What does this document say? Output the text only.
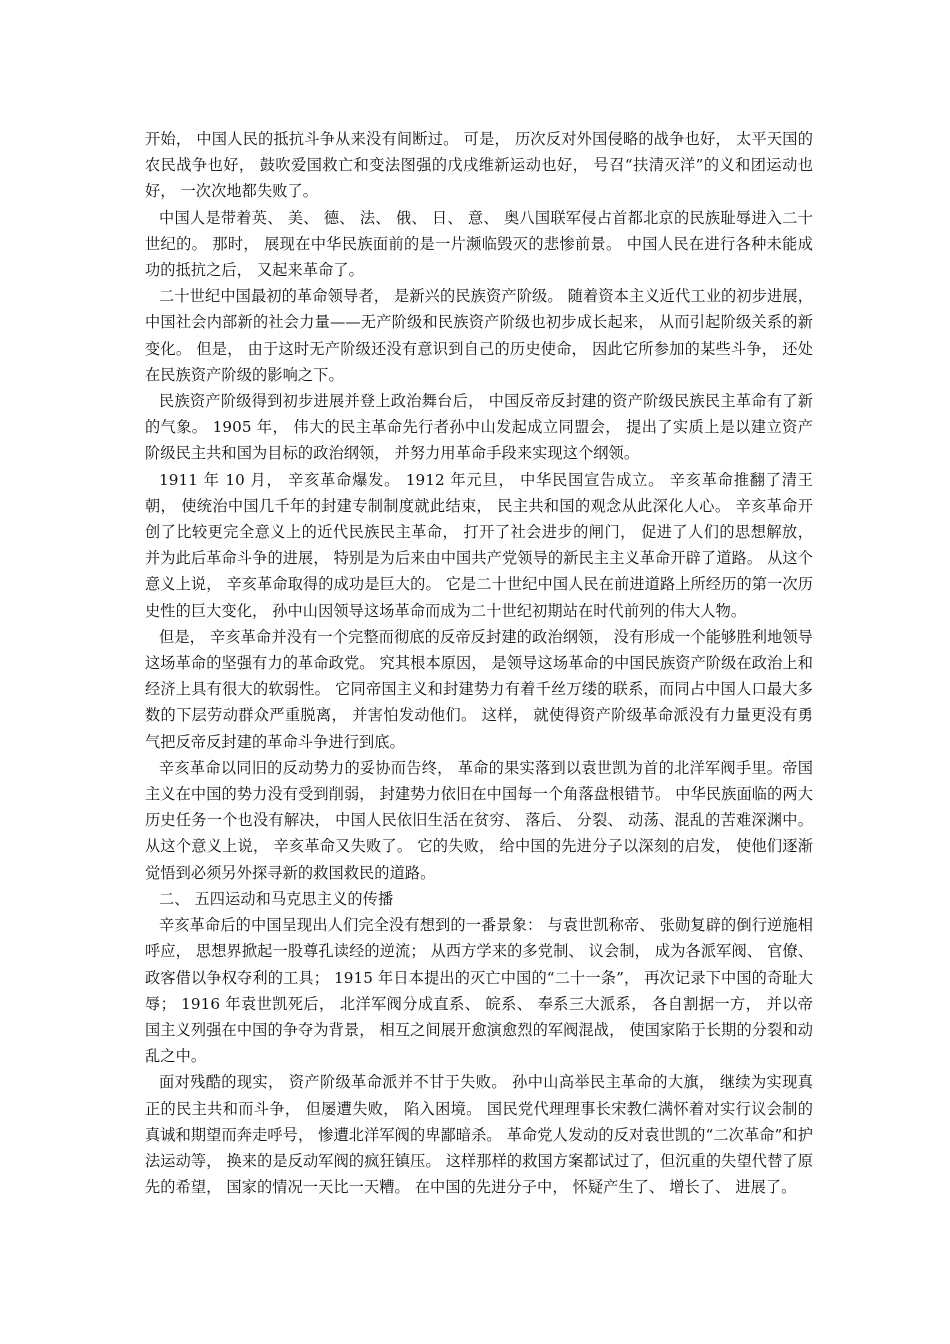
开始， 中国人民的抵抗斗争从来没有间断过。 可是， 历次反对外国侵略的战争也好， 太平天国的农民战争也好， 鼓吹爱国救亡和变法图强的戊戌维新运动也好， 号召“扶清灭洋”的义和团运动也好， 一次次地都失败了。

中国人是带着英、 美、 德、 法、 俄、 日、 意、 奥八国联军侵占首都北京的民族耻辱进入二十世纪的。 那时， 展现在中华民族面前的是一片濒临毁灭的悲惨前景。 中国人民在进行各种未能成功的抵抗之后， 又起来革命了。

二十世纪中国最初的革命领导者， 是新兴的民族资产阶级。 随着资本主义近代工业的初步进展， 中国社会内部新的社会力量——无产阶级和民族资产阶级也初步成长起来， 从而引起阶级关系的新变化。 但是， 由于这时无产阶级还没有意识到自己的历史使命， 因此它所参加的某些斗争， 还处在民族资产阶级的影响之下。

民族资产阶级得到初步进展并登上政治舞台后， 中国反帝反封建的资产阶级民族民主革命有了新的气象。 1905 年， 伟大的民主革命先行者孙中山发起成立同盟会， 提出了实质上是以建立资产阶级民主共和国为目标的政治纲领， 并努力用革命手段来实现这个纲领。

1911 年 10 月， 辛亥革命爆发。 1912 年元旦， 中华民国宣告成立。 辛亥革命推翻了清王朝， 使统治中国几千年的封建专制制度就此结束， 民主共和国的观念从此深化人心。 辛亥革命开创了比较更完全意义上的近代民族民主革命， 打开了社会进步的闸门， 促进了人们的思想解放， 并为此后革命斗争的进展， 特别是为后来由中国共产党领导的新民主主义革命开辟了道路。 从这个意义上说， 辛亥革命取得的成功是巨大的。 它是二十世纪中国人民在前进道路上所经历的第一次历史性的巨大变化， 孙中山因领导这场革命而成为二十世纪初期站在时代前列的伟大人物。

但是， 辛亥革命并没有一个完整而彻底的反帝反封建的政治纲领， 没有形成一个能够胜利地领导这场革命的坚强有力的革命政党。 究其根本原因， 是领导这场革命的中国民族资产阶级在政治上和经济上具有很大的软弱性。 它同帝国主义和封建势力有着千丝万缕的联系，而同占中国人口最大多数的下层劳动群众严重脱离， 并害怕发动他们。 这样， 就使得资产阶级革命派没有力量更没有勇气把反帝反封建的革命斗争进行到底。

辛亥革命以同旧的反动势力的妥协而告终， 革命的果实落到以袁世凯为首的北洋军阀手里。帝国主义在中国的势力没有受到削弱， 封建势力依旧在中国每一个角落盘根错节。 中华民族面临的两大历史任务一个也没有解决， 中国人民依旧生活在贫穷、 落后、 分裂、 动荡、混乱的苦难深渊中。 从这个意义上说， 辛亥革命又失败了。 它的失败， 给中国的先进分子以深刻的启发， 使他们逐渐觉悟到必须另外探寻新的救国救民的道路。

二、 五四运动和马克思主义的传播

辛亥革命后的中国呈现出人们完全没有想到的一番景象： 与袁世凯称帝、 张勋复辟的倒行逆施相呼应， 思想界掀起一股尊孔读经的逆流； 从西方学来的多党制、 议会制， 成为各派军阀、 官僚、 政客借以争权夺利的工具； 1915 年日本提出的灭亡中国的“二十一条”， 再次记录下中国的奇耻大辱； 1916 年袁世凯死后， 北洋军阀分成直系、 皖系、 奉系三大派系， 各自割据一方， 并以帝国主义列强在中国的争夺为背景， 相互之间展开愈演愈烈的军阀混战， 使国家陷于长期的分裂和动乱之中。

面对残酷的现实， 资产阶级革命派并不甘于失败。 孙中山高举民主革命的大旗， 继续为实现真正的民主共和而斗争， 但屡遭失败， 陷入困境。 国民党代理理事长宋教仁满怀着对实行议会制的真诚和期望而奔走呼号， 惨遭北洋军阀的卑鄙暗杀。 革命党人发动的反对袁世凯的“二次革命”和护法运动等， 换来的是反动军阀的疯狂镇压。 这样那样的救国方案都试过了，但沉重的失望代替了原先的希望， 国家的情况一天比一天糟。 在中国的先进分子中， 怀疑产生了、 增长了、 进展了。
